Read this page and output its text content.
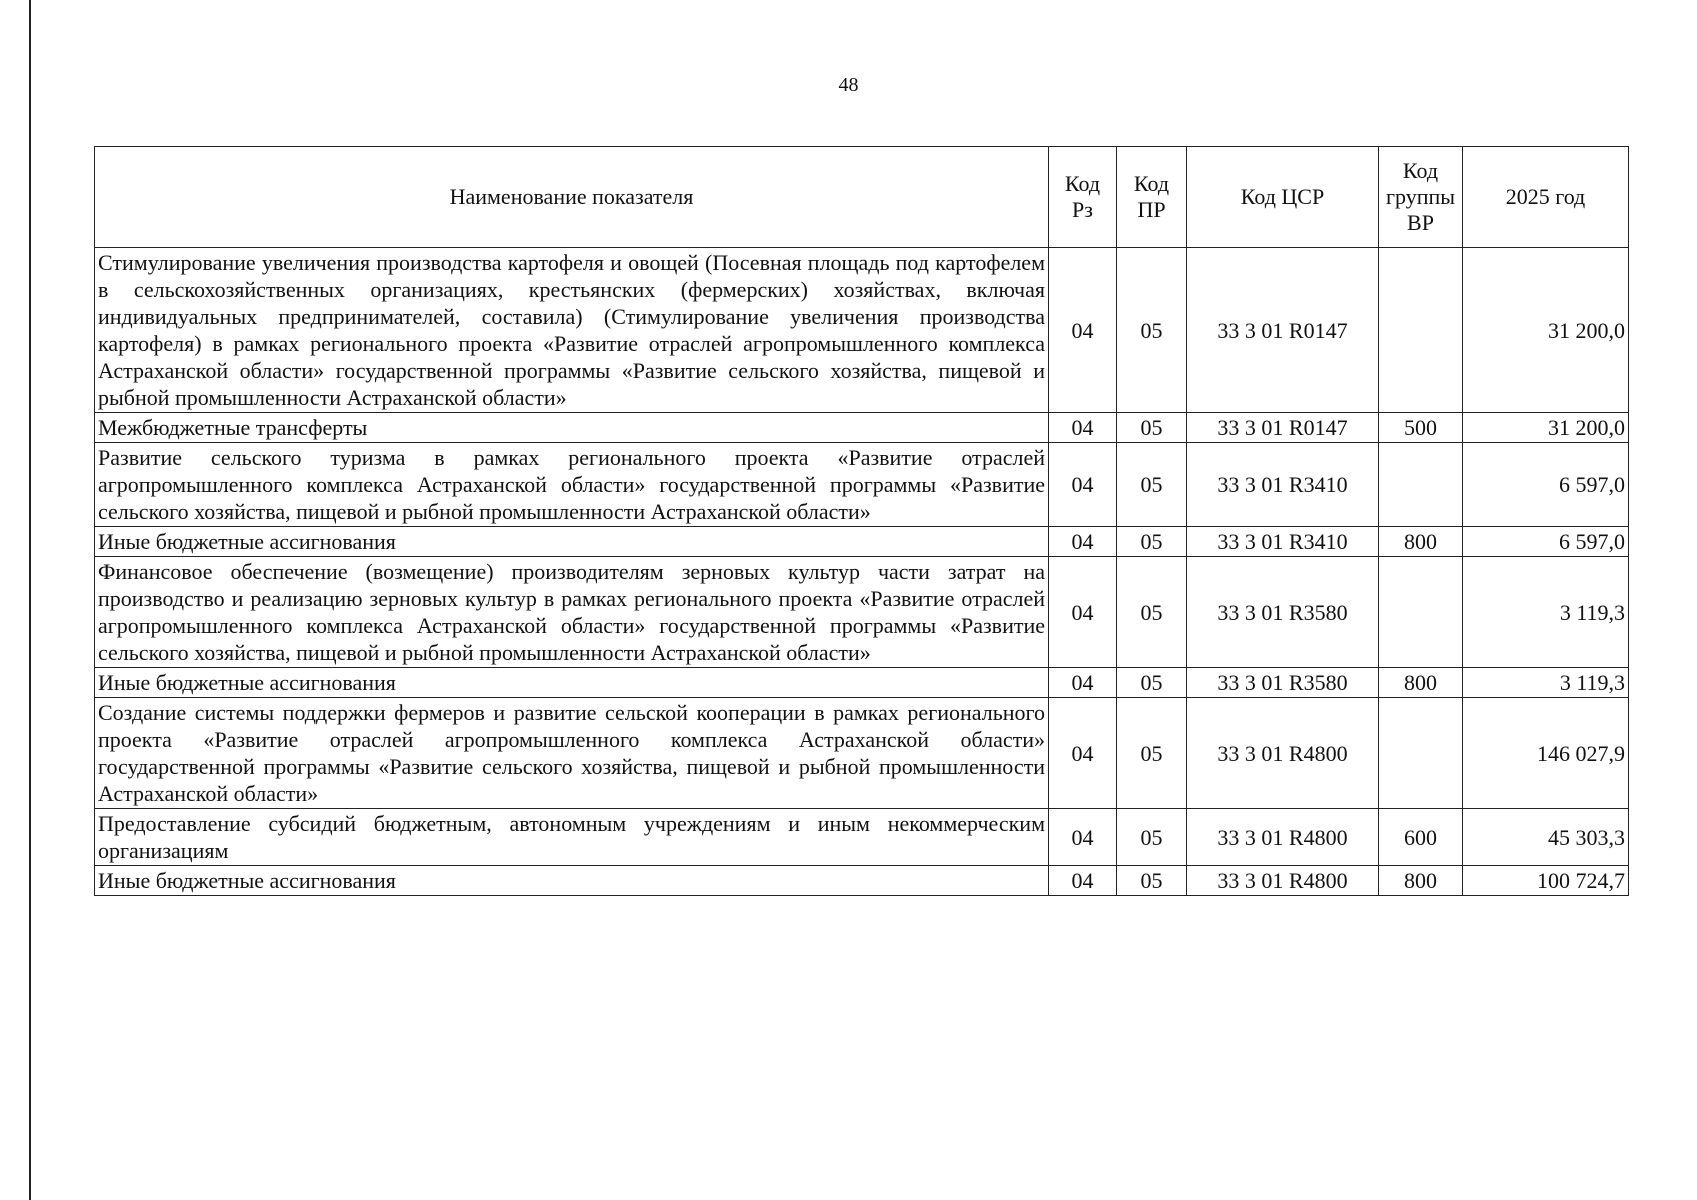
48
Наименование показателя	Код Рз	Код ПР	Код ЦСР	Код группы ВР	2025 год
Стимулирование увеличения производства картофеля и овощей (Посевная площадь под картофелем в сельскохозяйственных организациях, крестьянских (фермерских) хозяйствах, включая индивидуальных предпринимателей, составила) (Стимулирование увеличения производства картофеля) в рамках регионального проекта «Развитие отраслей агропромышленного комплекса Астраханской области» государственной программы «Развитие сельского хозяйства, пищевой и рыбной промышленности Астраханской области»	04	05	33 3 01 R0147		31 200,0
Межбюджетные трансферты	04	05	33 3 01 R0147	500	31 200,0
Развитие сельского туризма в рамках регионального проекта «Развитие отраслей агропромышленного комплекса Астраханской области» государственной программы «Развитие сельского хозяйства, пищевой и рыбной промышленности Астраханской области»	04	05	33 3 01 R3410		6 597,0
Иные бюджетные ассигнования	04	05	33 3 01 R3410	800	6 597,0
Финансовое обеспечение (возмещение) производителям зерновых культур части затрат на производство и реализацию зерновых культур в рамках регионального проекта «Развитие отраслей агропромышленного комплекса Астраханской области» государственной программы «Развитие сельского хозяйства, пищевой и рыбной промышленности Астраханской области»	04	05	33 3 01 R3580		3 119,3
Иные бюджетные ассигнования	04	05	33 3 01 R3580	800	3 119,3
Создание системы поддержки фермеров и развитие сельской кооперации в рамках регионального проекта «Развитие отраслей агропромышленного комплекса Астраханской области» государственной программы «Развитие сельского хозяйства, пищевой и рыбной промышленности Астраханской области»	04	05	33 3 01 R4800		146 027,9
Предоставление субсидий бюджетным, автономным учреждениям и иным некоммерческим организациям	04	05	33 3 01 R4800	600	45 303,3
Иные бюджетные ассигнования	04	05	33 3 01 R4800	800	100 724,7
